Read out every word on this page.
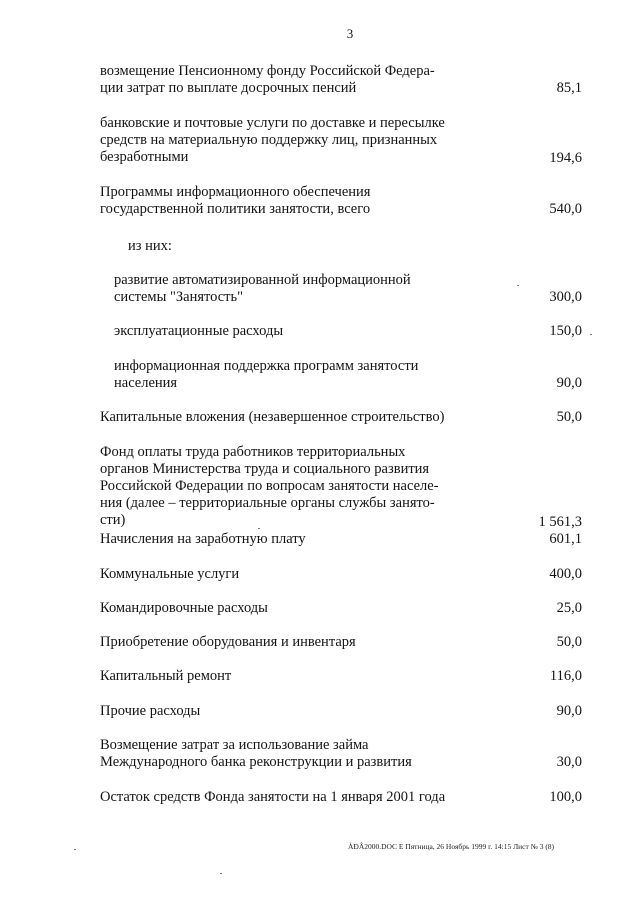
3
возмещение Пенсионному фонду Российской Федера-
ции затрат по выплате досрочных пенсий	85,1
банковские и почтовые услуги по доставке и пересылке
средств на материальную поддержку лиц, признанных
безработными	194,6
Программы информационного обеспечения
государственной политики занятости, всего	540,0
из них:
развитие автоматизированной информационной
системы "Занятость"	300,0
эксплуатационные расходы	150,0
информационная поддержка программ занятости
населения	90,0
Капитальные вложения (незавершенное строительство)	50,0
Фонд оплаты труда работников территориальных
органов Министерства труда и социального развития
Российской Федерации по вопросам занятости населе-
ния (далее – территориальные органы службы занято-
сти)	1 561,3
Начисления на заработную плату	601,1
Коммунальные услуги	400,0
Командировочные расходы	25,0
Приобретение оборудования и инвентаря	50,0
Капитальный ремонт	116,0
Прочие расходы	90,0
Возмещение затрат за использование займа
Международного банка реконструкции и развития	30,0
Остаток средств Фонда занятости на 1 января 2001 года	100,0
ÀÐÂ2000.DOC E Пятница, 26 Ноябрь 1999 г. 14:15 Лист № 3 (8)
